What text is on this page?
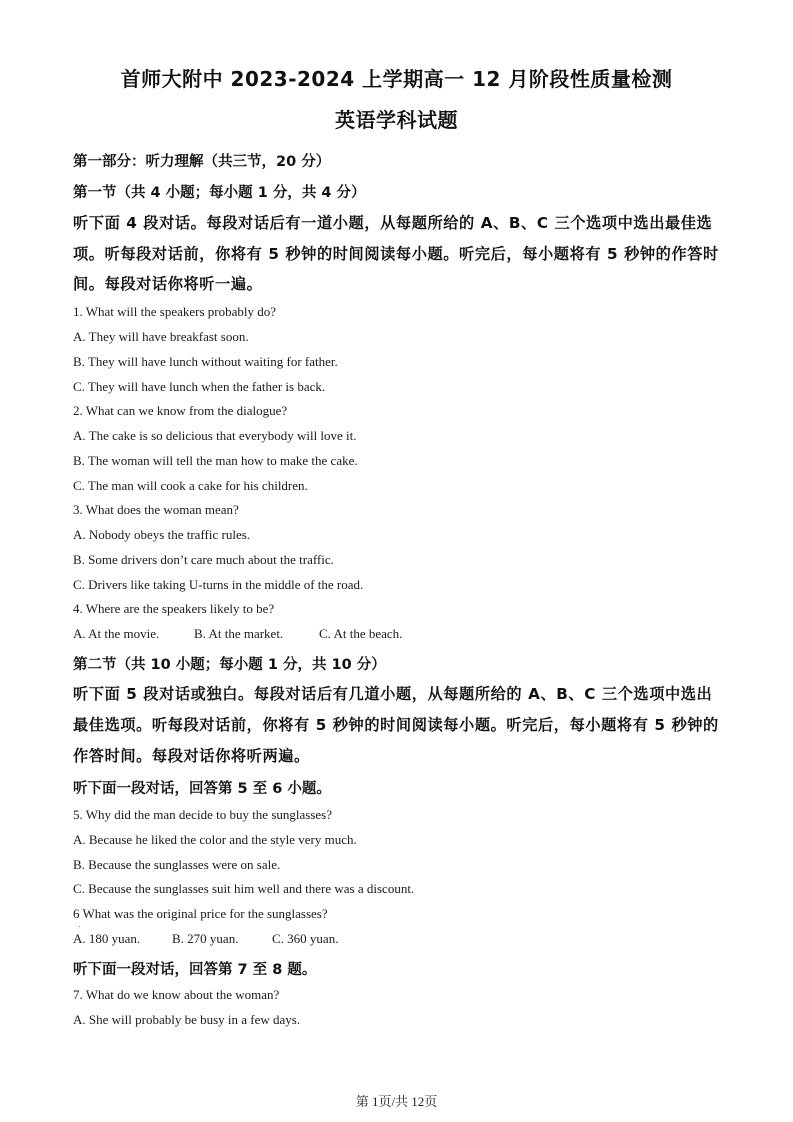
首师大附中 2023-2024 上学期高一 12 月阶段性质量检测
英语学科试题
第一部分：听力理解（共三节，20 分）
第一节（共 4 小题；每小题 1 分，共 4 分）
听下面 4 段对话。每段对话后有一道小题，从每题所给的 A、B、C 三个选项中选出最佳选
项。听每段对话前，你将有 5 秒钟的时间阅读每小题。听完后，每小题将有 5 秒钟的作答时
间。每段对话你将听一遍。
1. What will the speakers probably do?
A. They will have breakfast soon.
B. They will have lunch without waiting for father.
C. They will have lunch when the father is back.
2. What can we know from the dialogue?
A. The cake is so delicious that everybody will love it.
B. The woman will tell the man how to make the cake.
C. The man will cook a cake for his children.
3. What does the woman mean?
A. Nobody obeys the traffic rules.
B. Some drivers don’t care much about the traffic.
C. Drivers like taking U-turns in the middle of the road.
4. Where are the speakers likely to be?
A. At the movie.	B. At the market.	C. At the beach.
第二节（共 10 小题；每小题 1 分，共 10 分）
听下面 5 段对话或独白。每段对话后有几道小题，从每题所给的 A、B、C 三个选项中选出
最佳选项。听每段对话前，你将有 5 秒钟的时间阅读每小题。听完后，每小题将有 5 秒钟的
作答时间。每段对话你将听两遍。
听下面一段对话，回答第 5 至 6 小题。
5. Why did the man decide to buy the sunglasses?
A. Because he liked the color and the style very much.
B. Because the sunglasses were on sale.
C. Because the sunglasses suit him well and there was a discount.
6 What was the original price for the sunglasses?
A. 180 yuan. B. 270 yuan.	C. 360 yuan.
听下面一段对话，回答第 7 至 8 题。
7. What do we know about the woman?
A. She will probably be busy in a few days.
第 1页/共 12页
